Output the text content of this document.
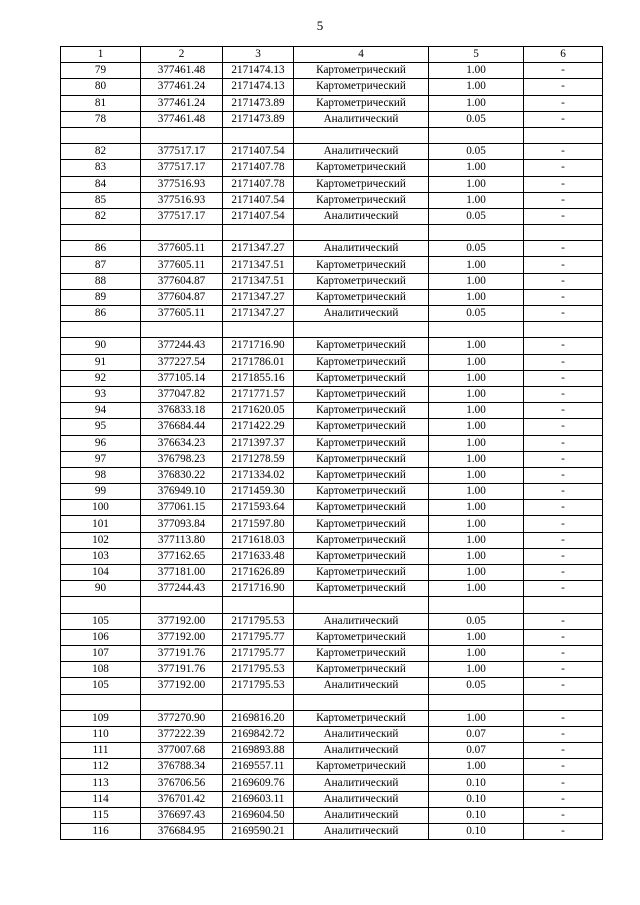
5
1	2	3	4	5	6
79	377461.48	2171474.13	Картометрический	1.00	-
80	377461.24	2171474.13	Картометрический	1.00	-
81	377461.24	2171473.89	Картометрический	1.00	-
78	377461.48	2171473.89	Аналитический	0.05	-

82	377517.17	2171407.54	Аналитический	0.05	-
83	377517.17	2171407.78	Картометрический	1.00	-
84	377516.93	2171407.78	Картометрический	1.00	-
85	377516.93	2171407.54	Картометрический	1.00	-
82	377517.17	2171407.54	Аналитический	0.05	-

86	377605.11	2171347.27	Аналитический	0.05	-
87	377605.11	2171347.51	Картометрический	1.00	-
88	377604.87	2171347.51	Картометрический	1.00	-
89	377604.87	2171347.27	Картометрический	1.00	-
86	377605.11	2171347.27	Аналитический	0.05	-

90	377244.43	2171716.90	Картометрический	1.00	-
91	377227.54	2171786.01	Картометрический	1.00	-
92	377105.14	2171855.16	Картометрический	1.00	-
93	377047.82	2171771.57	Картометрический	1.00	-
94	376833.18	2171620.05	Картометрический	1.00	-
95	376684.44	2171422.29	Картометрический	1.00	-
96	376634.23	2171397.37	Картометрический	1.00	-
97	376798.23	2171278.59	Картометрический	1.00	-
98	376830.22	2171334.02	Картометрический	1.00	-
99	376949.10	2171459.30	Картометрический	1.00	-
100	377061.15	2171593.64	Картометрический	1.00	-
101	377093.84	2171597.80	Картометрический	1.00	-
102	377113.80	2171618.03	Картометрический	1.00	-
103	377162.65	2171633.48	Картометрический	1.00	-
104	377181.00	2171626.89	Картометрический	1.00	-
90	377244.43	2171716.90	Картометрический	1.00	-

105	377192.00	2171795.53	Аналитический	0.05	-
106	377192.00	2171795.77	Картометрический	1.00	-
107	377191.76	2171795.77	Картометрический	1.00	-
108	377191.76	2171795.53	Картометрический	1.00	-
105	377192.00	2171795.53	Аналитический	0.05	-

109	377270.90	2169816.20	Картометрический	1.00	-
110	377222.39	2169842.72	Аналитический	0.07	-
111	377007.68	2169893.88	Аналитический	0.07	-
112	376788.34	2169557.11	Картометрический	1.00	-
113	376706.56	2169609.76	Аналитический	0.10	-
114	376701.42	2169603.11	Аналитический	0.10	-
115	376697.43	2169604.50	Аналитический	0.10	-
116	376684.95	2169590.21	Аналитический	0.10	-
